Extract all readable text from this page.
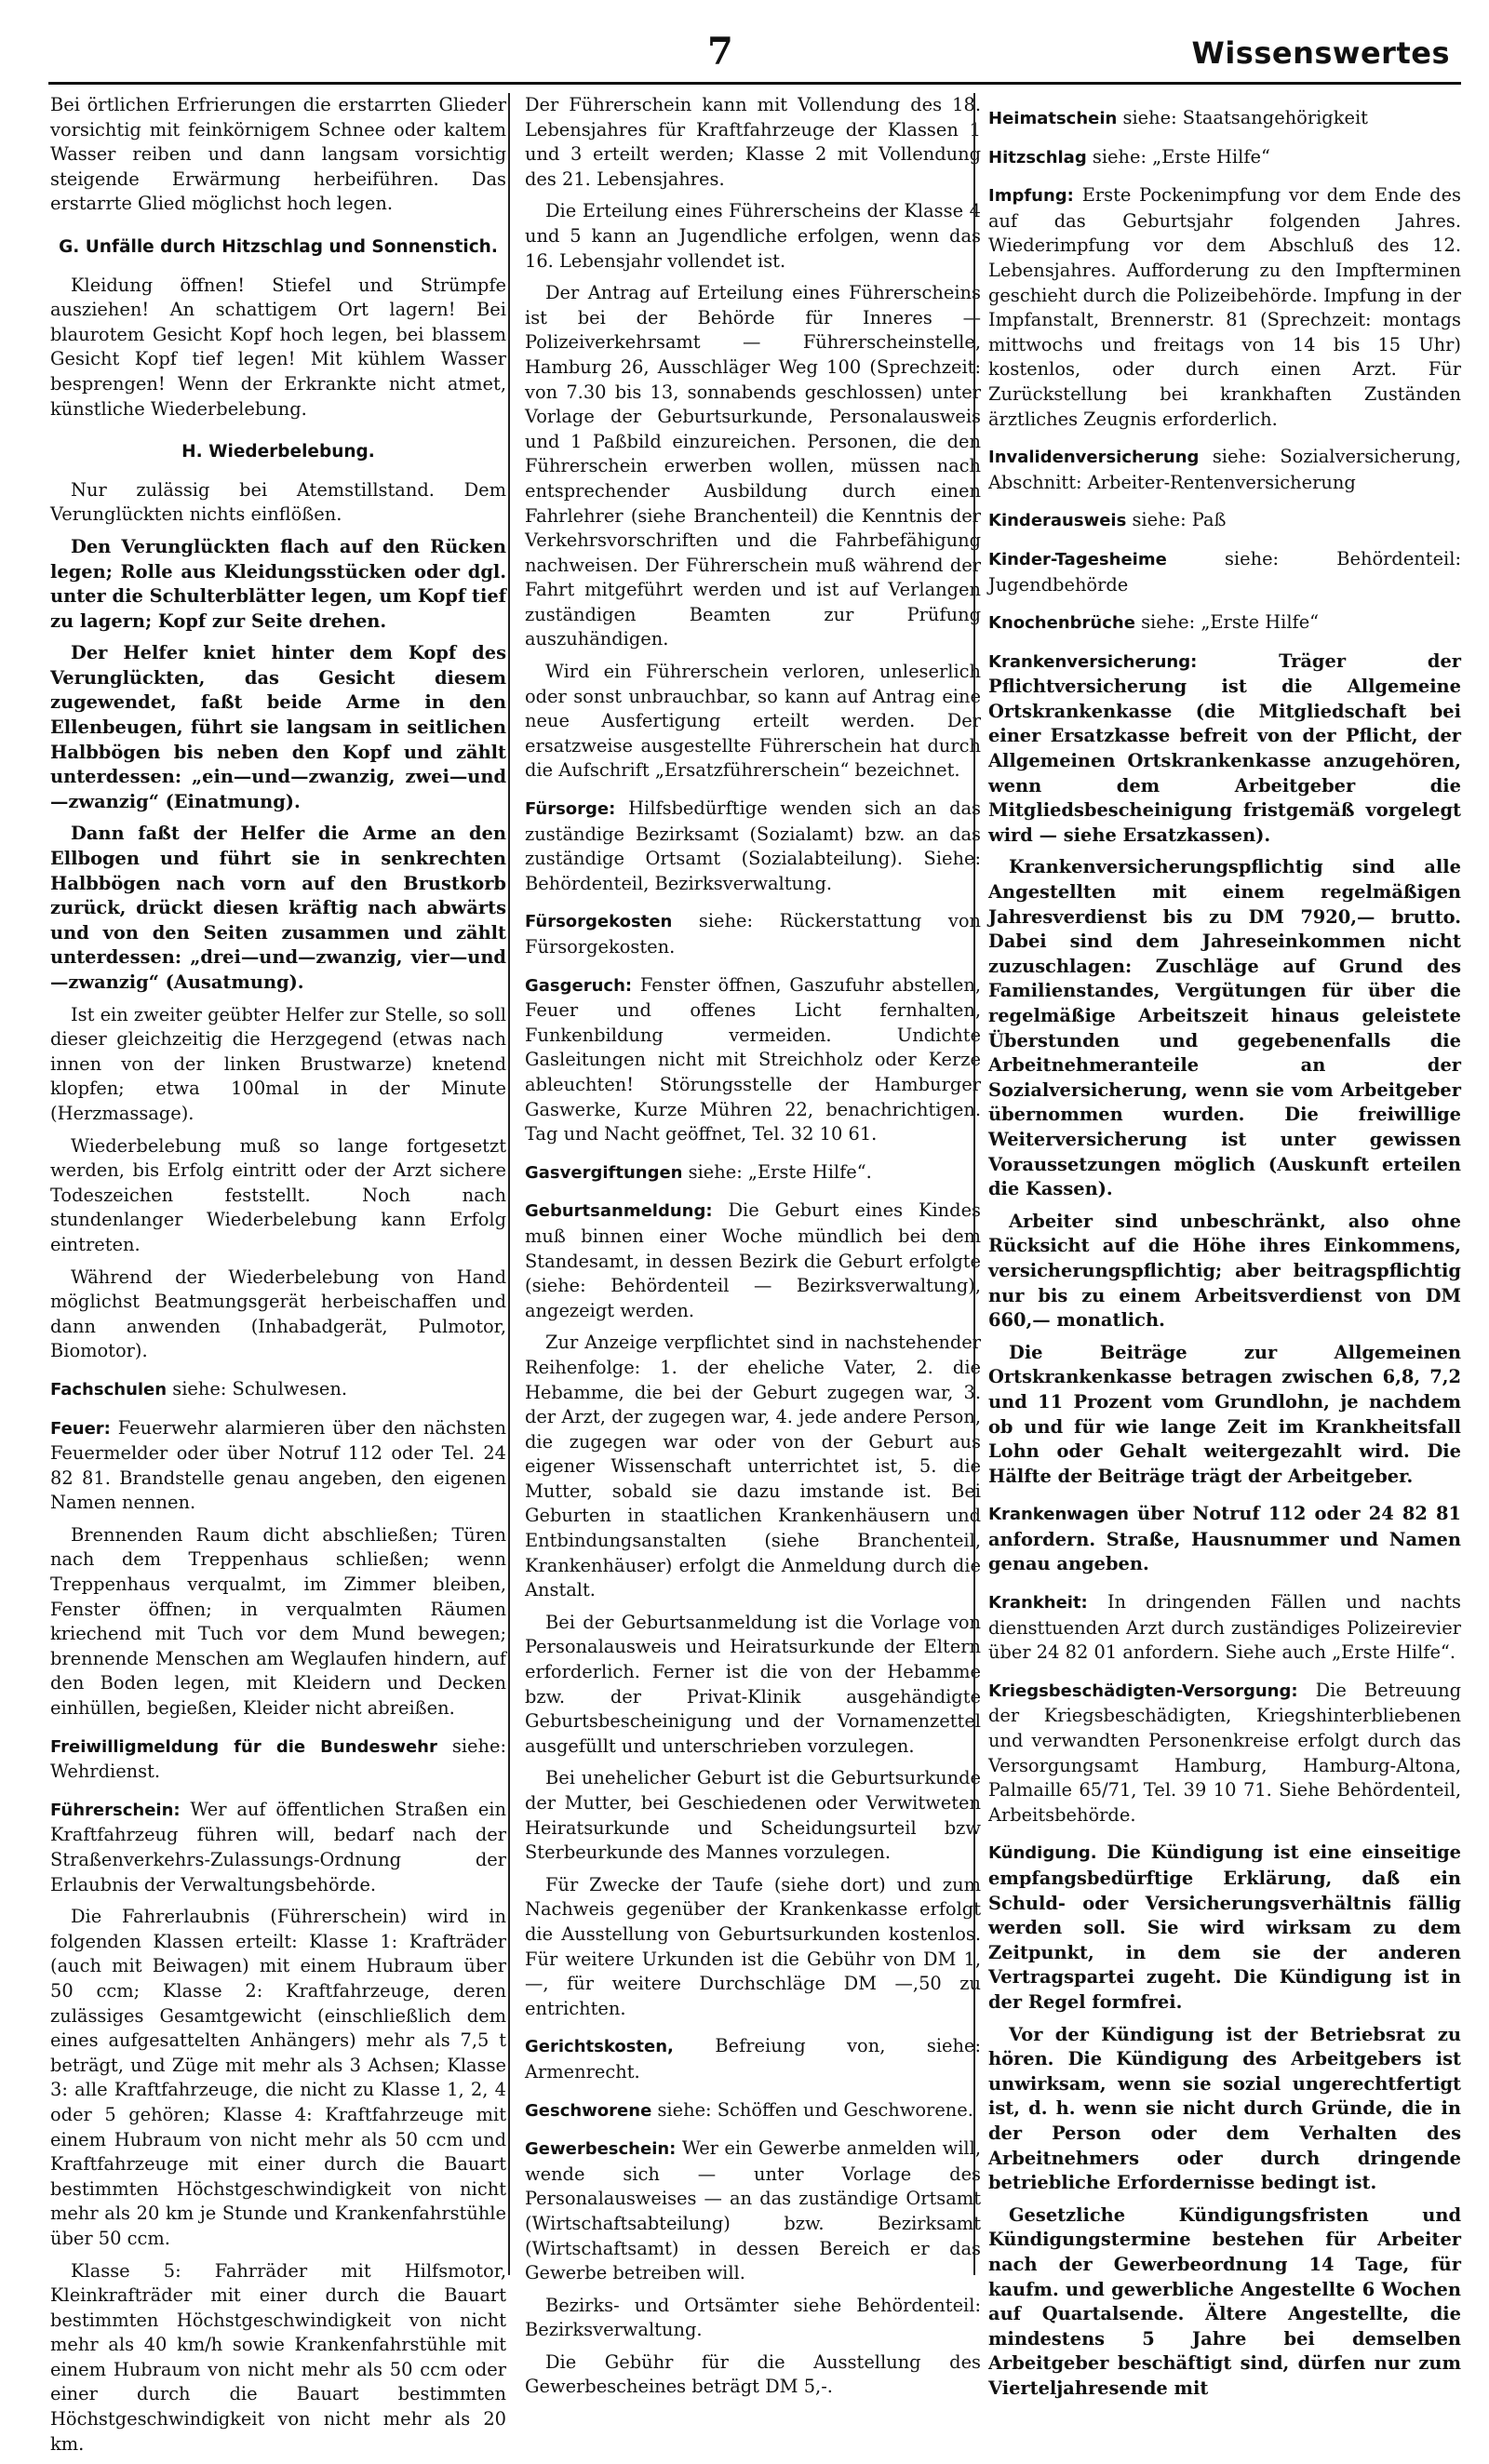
7	Wissenswertes

Bei örtlichen Erfrierungen die erstarrten Glieder vorsichtig mit feinkörnigem Schnee oder kaltem Wasser reiben und dann langsam vorsichtig steigende Erwärmung herbeiführen. Das erstarrte Glied möglichst hoch legen.

G. Unfälle durch Hitzschlag und Sonnenstich.

Kleidung öffnen! Stiefel und Strümpfe ausziehen! An schattigem Ort lagern! Bei blaurotem Gesicht Kopf hoch legen, bei blassem Gesicht Kopf tief legen! Mit kühlem Wasser besprengen! Wenn der Erkrankte nicht atmet, künstliche Wiederbelebung.

H. Wiederbelebung.

Nur zulässig bei Atemstillstand. Dem Verunglückten nichts einflößen.

Den Verunglückten flach auf den Rücken legen; Rolle aus Kleidungsstücken oder dgl. unter die Schulterblätter legen, um Kopf tief zu lagern; Kopf zur Seite drehen.

Der Helfer kniet hinter dem Kopf des Verunglückten, das Gesicht diesem zugewendet, faßt beide Arme in den Ellenbeugen, führt sie langsam in seitlichen Halbbögen bis neben den Kopf und zählt unterdessen: „ein—und—zwanzig, zwei—und—zwanzig“ (Einatmung).

Dann faßt der Helfer die Arme an den Ellbogen und führt sie in senkrechten Halbbögen nach vorn auf den Brustkorb zurück, drückt diesen kräftig nach abwärts und von den Seiten zusammen und zählt unterdessen: „drei—und—zwanzig, vier—und—zwanzig“ (Ausatmung).

Ist ein zweiter geübter Helfer zur Stelle, so soll dieser gleichzeitig die Herzgegend (etwas nach innen von der linken Brustwarze) knetend klopfen; etwa 100mal in der Minute (Herzmassage).

Wiederbelebung muß so lange fortgesetzt werden, bis Erfolg eintritt oder der Arzt sichere Todeszeichen feststellt. Noch nach stundenlanger Wiederbelebung kann Erfolg eintreten.

Während der Wiederbelebung von Hand möglichst Beatmungsgerät herbeischaffen und dann anwenden (Inhabadgerät, Pulmotor, Biomotor).

Fachschulen siehe: Schulwesen.

Feuer: Feuerwehr alarmieren über den nächsten Feuermelder oder über Notruf 112 oder Tel. 24 82 81. Brandstelle genau angeben, den eigenen Namen nennen.

Brennenden Raum dicht abschließen; Türen nach dem Treppenhaus schließen; wenn Treppenhaus verqualmt, im Zimmer bleiben, Fenster öffnen; in verqualmten Räumen kriechend mit Tuch vor dem Mund bewegen; brennende Menschen am Weglaufen hindern, auf den Boden legen, mit Kleidern und Decken einhüllen, begießen, Kleider nicht abreißen.

Freiwilligmeldung für die Bundeswehr siehe: Wehrdienst.

Führerschein: Wer auf öffentlichen Straßen ein Kraftfahrzeug führen will, bedarf nach der Straßenverkehrs-Zulassungs-Ordnung der Erlaubnis der Verwaltungsbehörde.

Die Fahrerlaubnis (Führerschein) wird in folgenden Klassen erteilt: Klasse 1: Krafträder (auch mit Beiwagen) mit einem Hubraum über 50 ccm; Klasse 2: Kraftfahrzeuge, deren zulässiges Gesamtgewicht (einschließlich dem eines aufgesattelten Anhängers) mehr als 7,5 t beträgt, und Züge mit mehr als 3 Achsen; Klasse 3: alle Kraftfahrzeuge, die nicht zu Klasse 1, 2, 4 oder 5 gehören; Klasse 4: Kraftfahrzeuge mit einem Hubraum von nicht mehr als 50 ccm und Kraftfahrzeuge mit einer durch die Bauart bestimmten Höchstgeschwindigkeit von nicht mehr als 20 km je Stunde und Krankenfahrstühle über 50 ccm.

Klasse 5: Fahrräder mit Hilfsmotor, Kleinkrafträder mit einer durch die Bauart bestimmten Höchstgeschwindigkeit von nicht mehr als 40 km/h sowie Krankenfahrstühle mit einem Hubraum von nicht mehr als 50 ccm oder einer durch die Bauart bestimmten Höchstgeschwindigkeit von nicht mehr als 20 km.

Der Führerschein kann mit Vollendung des 18. Lebensjahres für Kraftfahrzeuge der Klassen 1 und 3 erteilt werden; Klasse 2 mit Vollendung des 21. Lebensjahres.

Die Erteilung eines Führerscheins der Klasse 4 und 5 kann an Jugendliche erfolgen, wenn das 16. Lebensjahr vollendet ist.

Der Antrag auf Erteilung eines Führerscheins ist bei der Behörde für Inneres — Polizeiverkehrsamt — Führerscheinstelle, Hamburg 26, Ausschläger Weg 100 (Sprechzeit: von 7.30 bis 13, sonnabends geschlossen) unter Vorlage der Geburtsurkunde, Personalausweis und 1 Paßbild einzureichen. Personen, die den Führerschein erwerben wollen, müssen nach entsprechender Ausbildung durch einen Fahrlehrer (siehe Branchenteil) die Kenntnis der Verkehrsvorschriften und die Fahrbefähigung nachweisen. Der Führerschein muß während der Fahrt mitgeführt werden und ist auf Verlangen zuständigen Beamten zur Prüfung auszuhändigen.

Wird ein Führerschein verloren, unleserlich oder sonst unbrauchbar, so kann auf Antrag eine neue Ausfertigung erteilt werden. Der ersatzweise ausgestellte Führerschein hat durch die Aufschrift „Ersatzführerschein“ bezeichnet.

Fürsorge: Hilfsbedürftige wenden sich an das zuständige Bezirksamt (Sozialamt) bzw. an das zuständige Ortsamt (Sozialabteilung). Siehe: Behördenteil, Bezirksverwaltung.

Fürsorgekosten siehe: Rückerstattung von Fürsorgekosten.

Gasgeruch: Fenster öffnen, Gaszufuhr abstellen, Feuer und offenes Licht fernhalten, Funkenbildung vermeiden. Undichte Gasleitungen nicht mit Streichholz oder Kerze ableuchten! Störungsstelle der Hamburger Gaswerke, Kurze Mühren 22, benachrichtigen. Tag und Nacht geöffnet, Tel. 32 10 61.

Gasvergiftungen siehe: „Erste Hilfe“.

Geburtsanmeldung: Die Geburt eines Kindes muß binnen einer Woche mündlich bei dem Standesamt, in dessen Bezirk die Geburt erfolgte (siehe: Behördenteil — Bezirksverwaltung), angezeigt werden.

Zur Anzeige verpflichtet sind in nachstehender Reihenfolge: 1. der eheliche Vater, 2. die Hebamme, die bei der Geburt zugegen war, 3. der Arzt, der zugegen war, 4. jede andere Person, die zugegen war oder von der Geburt aus eigener Wissenschaft unterrichtet ist, 5. die Mutter, sobald sie dazu imstande ist. Bei Geburten in staatlichen Krankenhäusern und Entbindungsanstalten (siehe Branchenteil, Krankenhäuser) erfolgt die Anmeldung durch die Anstalt.

Bei der Geburtsanmeldung ist die Vorlage von Personalausweis und Heiratsurkunde der Eltern erforderlich. Ferner ist die von der Hebamme bzw. der Privat-Klinik ausgehändigte Geburtsbescheinigung und der Vornamenzettel ausgefüllt und unterschrieben vorzulegen.

Bei unehelicher Geburt ist die Geburtsurkunde der Mutter, bei Geschiedenen oder Verwitweten Heiratsurkunde und Scheidungsurteil bzw Sterbeurkunde des Mannes vorzulegen.

Für Zwecke der Taufe (siehe dort) und zum Nachweis gegenüber der Krankenkasse erfolgt die Ausstellung von Geburtsurkunden kostenlos. Für weitere Urkunden ist die Gebühr von DM 1,—, für weitere Durchschläge DM —,50 zu entrichten.

Gerichtskosten, Befreiung von, siehe: Armenrecht.

Geschworene siehe: Schöffen und Geschworene.

Gewerbeschein: Wer ein Gewerbe anmelden will, wende sich — unter Vorlage des Personalausweises — an das zuständige Ortsamt (Wirtschaftsabteilung) bzw. Bezirksamt (Wirtschaftsamt) in dessen Bereich er das Gewerbe betreiben will.

Bezirks- und Ortsämter siehe Behördenteil: Bezirksverwaltung.

Die Gebühr für die Ausstellung des Gewerbescheines beträgt DM 5,-.

Heimatschein siehe: Staatsangehörigkeit

Hitzschlag siehe: „Erste Hilfe“

Impfung: Erste Pockenimpfung vor dem Ende des auf das Geburtsjahr folgenden Jahres. Wiederimpfung vor dem Abschluß des 12. Lebensjahres. Aufforderung zu den Impfterminen geschieht durch die Polizeibehörde. Impfung in der Impfanstalt, Brennerstr. 81 (Sprechzeit: montags mittwochs und freitags von 14 bis 15 Uhr) kostenlos, oder durch einen Arzt. Für Zurückstellung bei krankhaften Zuständen ärztliches Zeugnis erforderlich.

Invalidenversicherung siehe: Sozialversicherung, Abschnitt: Arbeiter-Rentenversicherung

Kinderausweis siehe: Paß

Kinder-Tagesheime siehe: Behördenteil: Jugendbehörde

Knochenbrüche siehe: „Erste Hilfe“

Krankenversicherung: Träger der Pflichtversicherung ist die Allgemeine Ortskrankenkasse (die Mitgliedschaft bei einer Ersatzkasse befreit von der Pflicht, der Allgemeinen Ortskrankenkasse anzugehören, wenn dem Arbeitgeber die Mitgliedsbescheinigung fristgemäß vorgelegt wird — siehe Ersatzkassen).

Krankenversicherungspflichtig sind alle Angestellten mit einem regelmäßigen Jahresverdienst bis zu DM 7920,— brutto. Dabei sind dem Jahreseinkommen nicht zuzuschlagen: Zuschläge auf Grund des Familienstandes, Vergütungen für über die regelmäßige Arbeitszeit hinaus geleistete Überstunden und gegebenenfalls die Arbeitnehmeranteile an der Sozialversicherung, wenn sie vom Arbeitgeber übernommen wurden. Die freiwillige Weiterversicherung ist unter gewissen Voraussetzungen möglich (Auskunft erteilen die Kassen).

Arbeiter sind unbeschränkt, also ohne Rücksicht auf die Höhe ihres Einkommens, versicherungspflichtig; aber beitragspflichtig nur bis zu einem Arbeitsverdienst von DM 660,— monatlich.

Die Beiträge zur Allgemeinen Ortskrankenkasse betragen zwischen 6,8, 7,2 und 11 Prozent vom Grundlohn, je nachdem ob und für wie lange Zeit im Krankheitsfall Lohn oder Gehalt weitergezahlt wird. Die Hälfte der Beiträge trägt der Arbeitgeber.

Krankenwagen über Notruf 112 oder 24 82 81 anfordern. Straße, Hausnummer und Namen genau angeben.

Krankheit: In dringenden Fällen und nachts diensttuenden Arzt durch zuständiges Polizeirevier über 24 82 01 anfordern. Siehe auch „Erste Hilfe“.

Kriegsbeschädigten-Versorgung: Die Betreuung der Kriegsbeschädigten, Kriegshinterbliebenen und verwandten Personenkreise erfolgt durch das Versorgungsamt Hamburg, Hamburg-Altona, Palmaille 65/71, Tel. 39 10 71. Siehe Behördenteil, Arbeitsbehörde.

Kündigung. Die Kündigung ist eine einseitige empfangsbedürftige Erklärung, daß ein Schuld- oder Versicherungsverhältnis fällig werden soll. Sie wird wirksam zu dem Zeitpunkt, in dem sie der anderen Vertragspartei zugeht. Die Kündigung ist in der Regel formfrei.

Vor der Kündigung ist der Betriebsrat zu hören. Die Kündigung des Arbeitgebers ist unwirksam, wenn sie sozial ungerechtfertigt ist, d. h. wenn sie nicht durch Gründe, die in der Person oder dem Verhalten des Arbeitnehmers oder durch dringende betriebliche Erfordernisse bedingt ist.

Gesetzliche Kündigungsfristen und Kündigungstermine bestehen für Arbeiter nach der Gewerbeordnung 14 Tage, für kaufm. und gewerbliche Angestellte 6 Wochen auf Quartalsende. Ältere Angestellte, die mindestens 5 Jahre bei demselben Arbeitgeber beschäftigt sind, dürfen nur zum Vierteljahresende mit
